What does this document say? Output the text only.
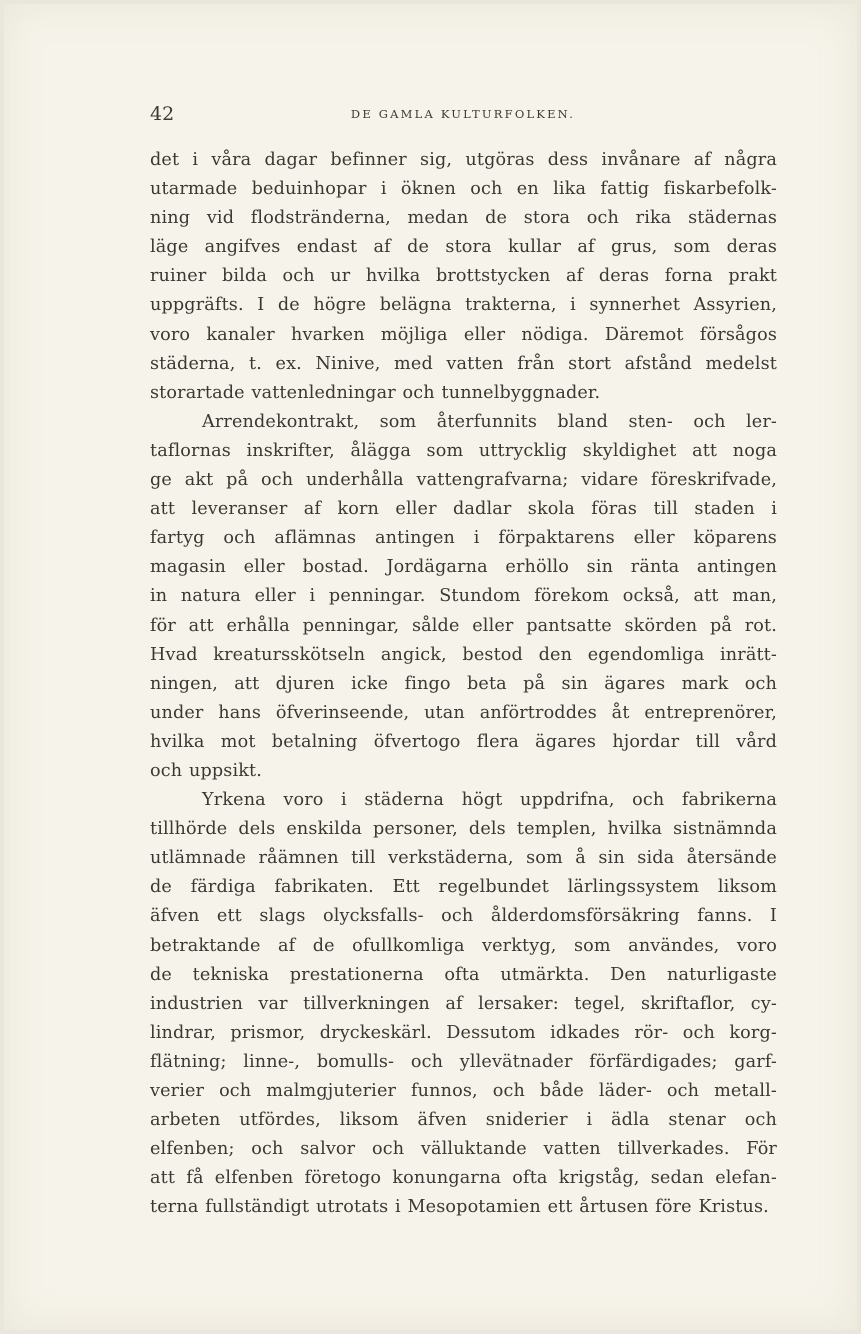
42	DE GAMLA KULTURFOLKEN.
det i våra dagar befinner sig, utgöras dess invånare af några
utarmade beduinhopar i öknen och en lika fattig fiskarbefolk-
ning vid flodstränderna, medan de stora och rika städernas
läge angifves endast af de stora kullar af grus, som deras
ruiner bilda och ur hvilka brottstycken af deras forna prakt
uppgräfts. I de högre belägna trakterna, i synnerhet Assyrien,
voro kanaler hvarken möjliga eller nödiga. Däremot försågos
städerna, t. ex. Ninive, med vatten från stort afstånd medelst
storartade vattenledningar och tunnelbyggnader.
Arrendekontrakt, som återfunnits bland sten- och ler-
taflornas inskrifter, ålägga som uttrycklig skyldighet att noga
ge akt på och underhålla vattengrafvarna; vidare föreskrifvade,
att leveranser af korn eller dadlar skola föras till staden i
fartyg och aflämnas antingen i förpaktarens eller köparens
magasin eller bostad. Jordägarna erhöllo sin ränta antingen
in natura eller i penningar. Stundom förekom också, att man,
för att erhålla penningar, sålde eller pantsatte skörden på rot.
Hvad kreatursskötseln angick, bestod den egendomliga inrätt-
ningen, att djuren icke fingo beta på sin ägares mark och
under hans öfverinseende, utan anförtroddes åt entreprenörer,
hvilka mot betalning öfvertogo flera ägares hjordar till vård
och uppsikt.
Yrkena voro i städerna högt uppdrifna, och fabrikerna
tillhörde dels enskilda personer, dels templen, hvilka sistnämnda
utlämnade råämnen till verkstäderna, som å sin sida återsände
de färdiga fabrikaten. Ett regelbundet lärlingssystem liksom
äfven ett slags olycksfalls- och ålderdomsförsäkring fanns. I
betraktande af de ofullkomliga verktyg, som användes, voro
de tekniska prestationerna ofta utmärkta. Den naturligaste
industrien var tillverkningen af lersaker: tegel, skriftaflor, cy-
lindrar, prismor, dryckeskärl. Dessutom idkades rör- och korg-
flätning; linne-, bomulls- och yllevätnader förfärdigades; garf-
verier och malmgjuterier funnos, och både läder- och metall-
arbeten utfördes, liksom äfven sniderier i ädla stenar och
elfenben; och salvor och välluktande vatten tillverkades. För
att få elfenben företogo konungarna ofta krigståg, sedan elefan-
terna fullständigt utrotats i Mesopotamien ett årtusen före Kristus.
